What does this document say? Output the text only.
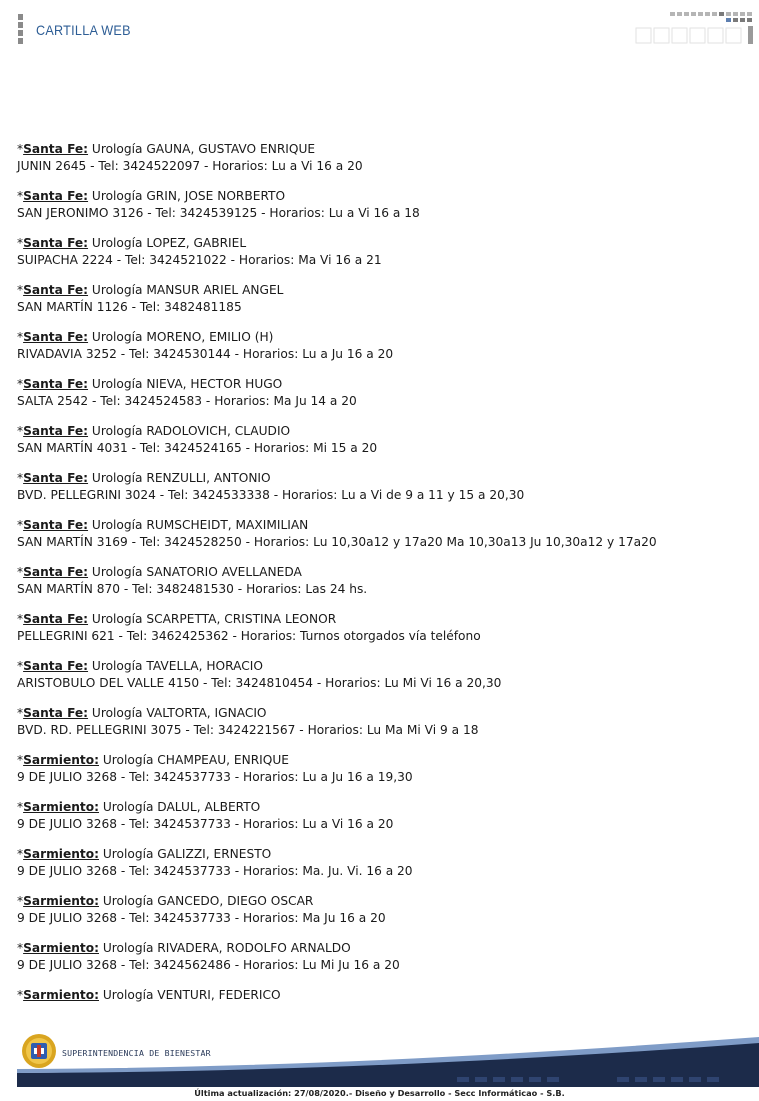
CARTILLA WEB
*Santa Fe: Urología GAUNA, GUSTAVO ENRIQUE
JUNIN 2645 - Tel: 3424522097 - Horarios: Lu a Vi 16 a 20
*Santa Fe: Urología GRIN, JOSE NORBERTO
SAN JERONIMO 3126 - Tel: 3424539125 - Horarios: Lu a Vi 16 a 18
*Santa Fe: Urología LOPEZ, GABRIEL
SUIPACHA 2224 - Tel: 3424521022 - Horarios: Ma Vi 16 a 21
*Santa Fe: Urología MANSUR ARIEL ANGEL
SAN MARTÍN 1126 - Tel: 3482481185
*Santa Fe: Urología MORENO, EMILIO (H)
RIVADAVIA 3252 - Tel: 3424530144 - Horarios: Lu a Ju 16 a 20
*Santa Fe: Urología NIEVA, HECTOR HUGO
SALTA 2542 - Tel: 3424524583 - Horarios: Ma Ju 14 a 20
*Santa Fe: Urología RADOLOVICH, CLAUDIO
SAN MARTÍN 4031 - Tel: 3424524165 - Horarios: Mi 15 a 20
*Santa Fe: Urología RENZULLI, ANTONIO
BVD. PELLEGRINI 3024 - Tel: 3424533338 - Horarios: Lu a Vi de 9 a 11 y 15 a 20,30
*Santa Fe: Urología RUMSCHEIDT, MAXIMILIAN
SAN MARTÍN 3169 - Tel: 3424528250 - Horarios: Lu 10,30a12 y 17a20 Ma 10,30a13 Ju 10,30a12 y 17a20
*Santa Fe: Urología SANATORIO AVELLANEDA
SAN MARTÍN 870 - Tel: 3482481530 - Horarios: Las 24 hs.
*Santa Fe: Urología SCARPETTA, CRISTINA LEONOR
PELLEGRINI 621 - Tel: 3462425362 - Horarios: Turnos otorgados vía teléfono
*Santa Fe: Urología TAVELLA, HORACIO
ARISTOBULO DEL VALLE 4150 - Tel: 3424810454 - Horarios: Lu Mi Vi 16 a 20,30
*Santa Fe: Urología VALTORTA, IGNACIO
BVD. RD. PELLEGRINI 3075 - Tel: 3424221567 - Horarios: Lu Ma Mi Vi 9 a 18
*Sarmiento: Urología CHAMPEAU, ENRIQUE
9 DE JULIO 3268 - Tel: 3424537733 - Horarios: Lu a Ju 16 a 19,30
*Sarmiento: Urología DALUL, ALBERTO
9 DE JULIO 3268 - Tel: 3424537733 - Horarios: Lu a Vi 16 a 20
*Sarmiento: Urología GALIZZI, ERNESTO
9 DE JULIO 3268 - Tel: 3424537733 - Horarios: Ma. Ju. Vi. 16 a 20
*Sarmiento: Urología GANCEDO, DIEGO OSCAR
9 DE JULIO 3268 - Tel: 3424537733 - Horarios: Ma Ju 16 a 20
*Sarmiento: Urología RIVADERA, RODOLFO ARNALDO
9 DE JULIO 3268 - Tel: 3424562486 - Horarios: Lu Mi Ju 16 a 20
*Sarmiento: Urología VENTURI, FEDERICO
SUPERINTENDENCIA DE BIENESTAR
Última actualización: 27/08/2020.- Diseño y Desarrollo - Secc Informáticao - S.B.
